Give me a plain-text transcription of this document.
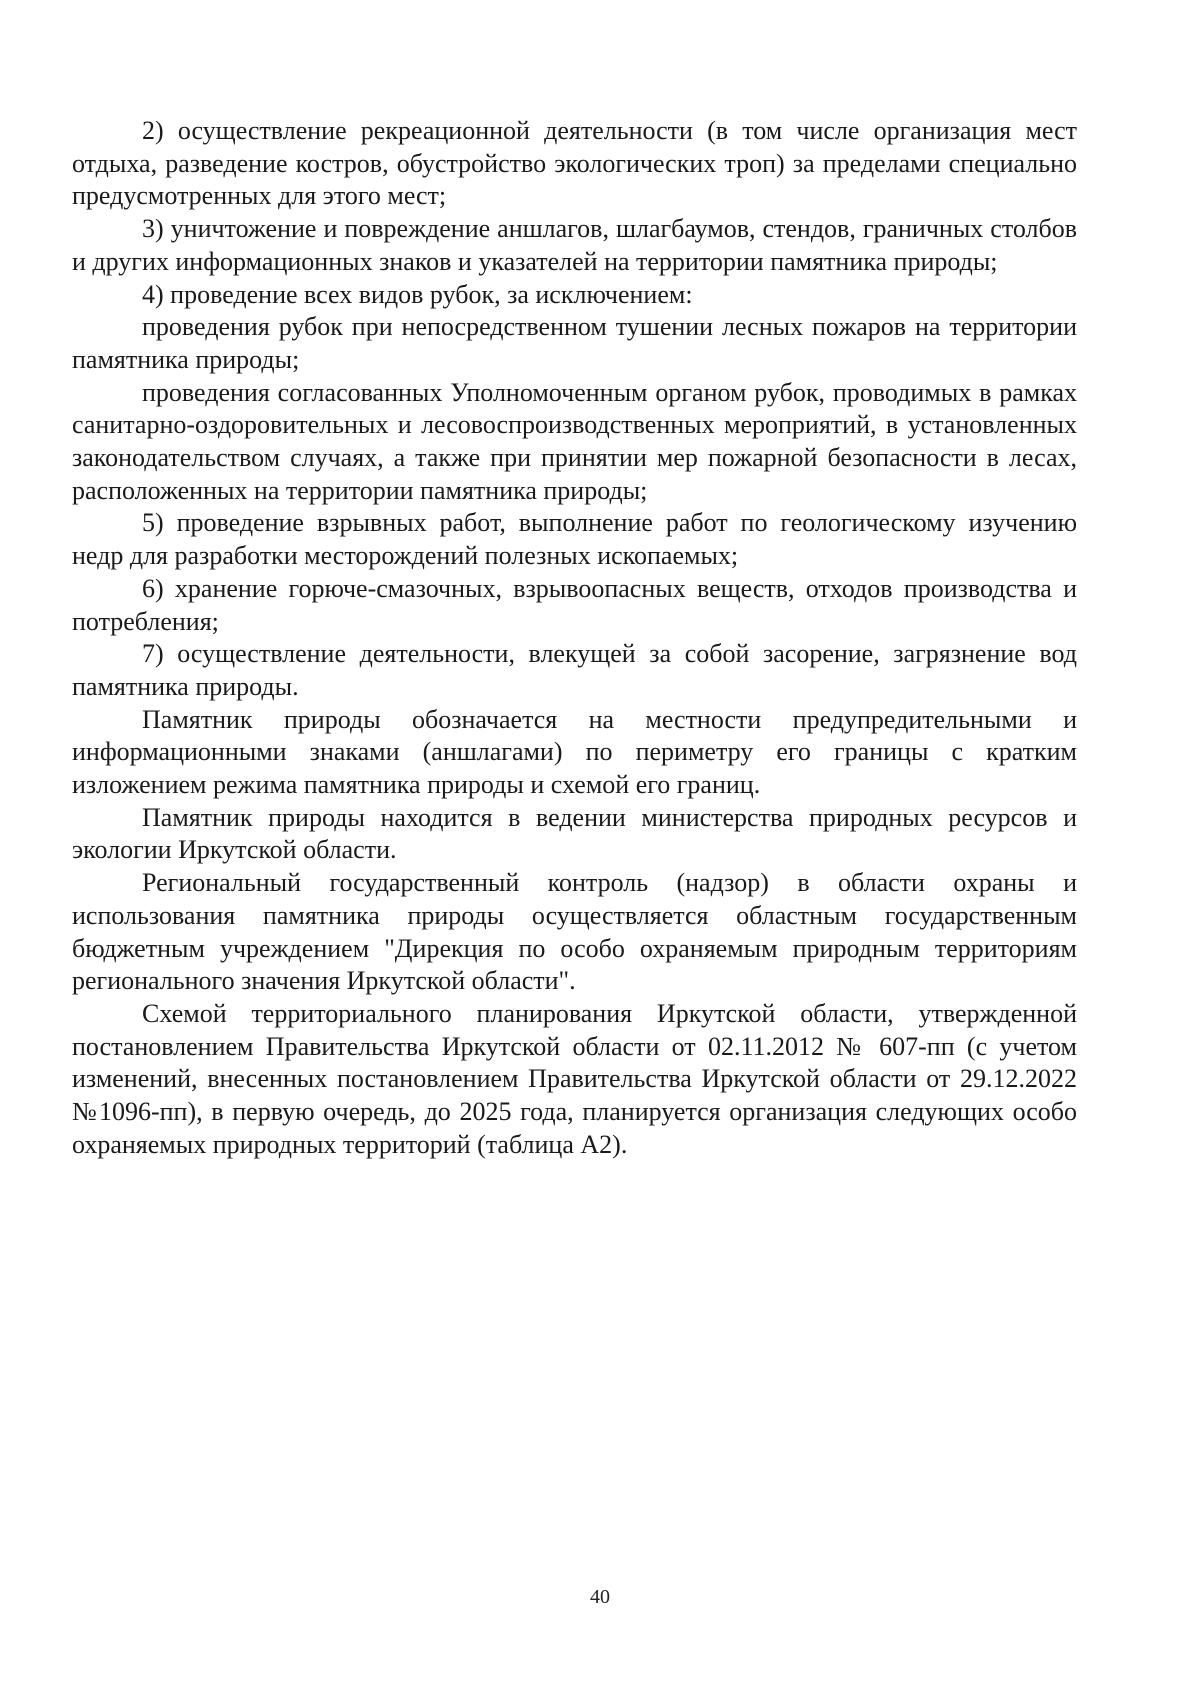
2) осуществление рекреационной деятельности (в том числе организация мест отдыха, разведение костров, обустройство экологических троп) за пределами специально предусмотренных для этого мест;

3) уничтожение и повреждение аншлагов, шлагбаумов, стендов, граничных столбов и других информационных знаков и указателей на территории памятника природы;

4) проведение всех видов рубок, за исключением:

проведения рубок при непосредственном тушении лесных пожаров на территории памятника природы;

проведения согласованных Уполномоченным органом рубок, проводимых в рамках санитарно-оздоровительных и лесовоспроизводственных мероприятий, в установленных законодательством случаях, а также при принятии мер пожарной безопасности в лесах, расположенных на территории памятника природы;

5) проведение взрывных работ, выполнение работ по геологическому изучению недр для разработки месторождений полезных ископаемых;

6) хранение горюче-смазочных, взрывоопасных веществ, отходов производства и потребления;

7) осуществление деятельности, влекущей за собой засорение, загрязнение вод памятника природы.

Памятник природы обозначается на местности предупредительными и информационными знаками (аншлагами) по периметру его границы с кратким изложением режима памятника природы и схемой его границ.

Памятник природы находится в ведении министерства природных ресурсов и экологии Иркутской области.

Региональный государственный контроль (надзор) в области охраны и использования памятника природы осуществляется областным государственным бюджетным учреждением "Дирекция по особо охраняемым природным территориям регионального значения Иркутской области".

Схемой территориального планирования Иркутской области, утвержденной постановлением Правительства Иркутской области от 02.11.2012 № 607-пп (с учетом изменений, внесенных постановлением Правительства Иркутской области от 29.12.2022 №1096-пп), в первую очередь, до 2025 года, планируется организация следующих особо охраняемых природных территорий (таблица А2).

40
